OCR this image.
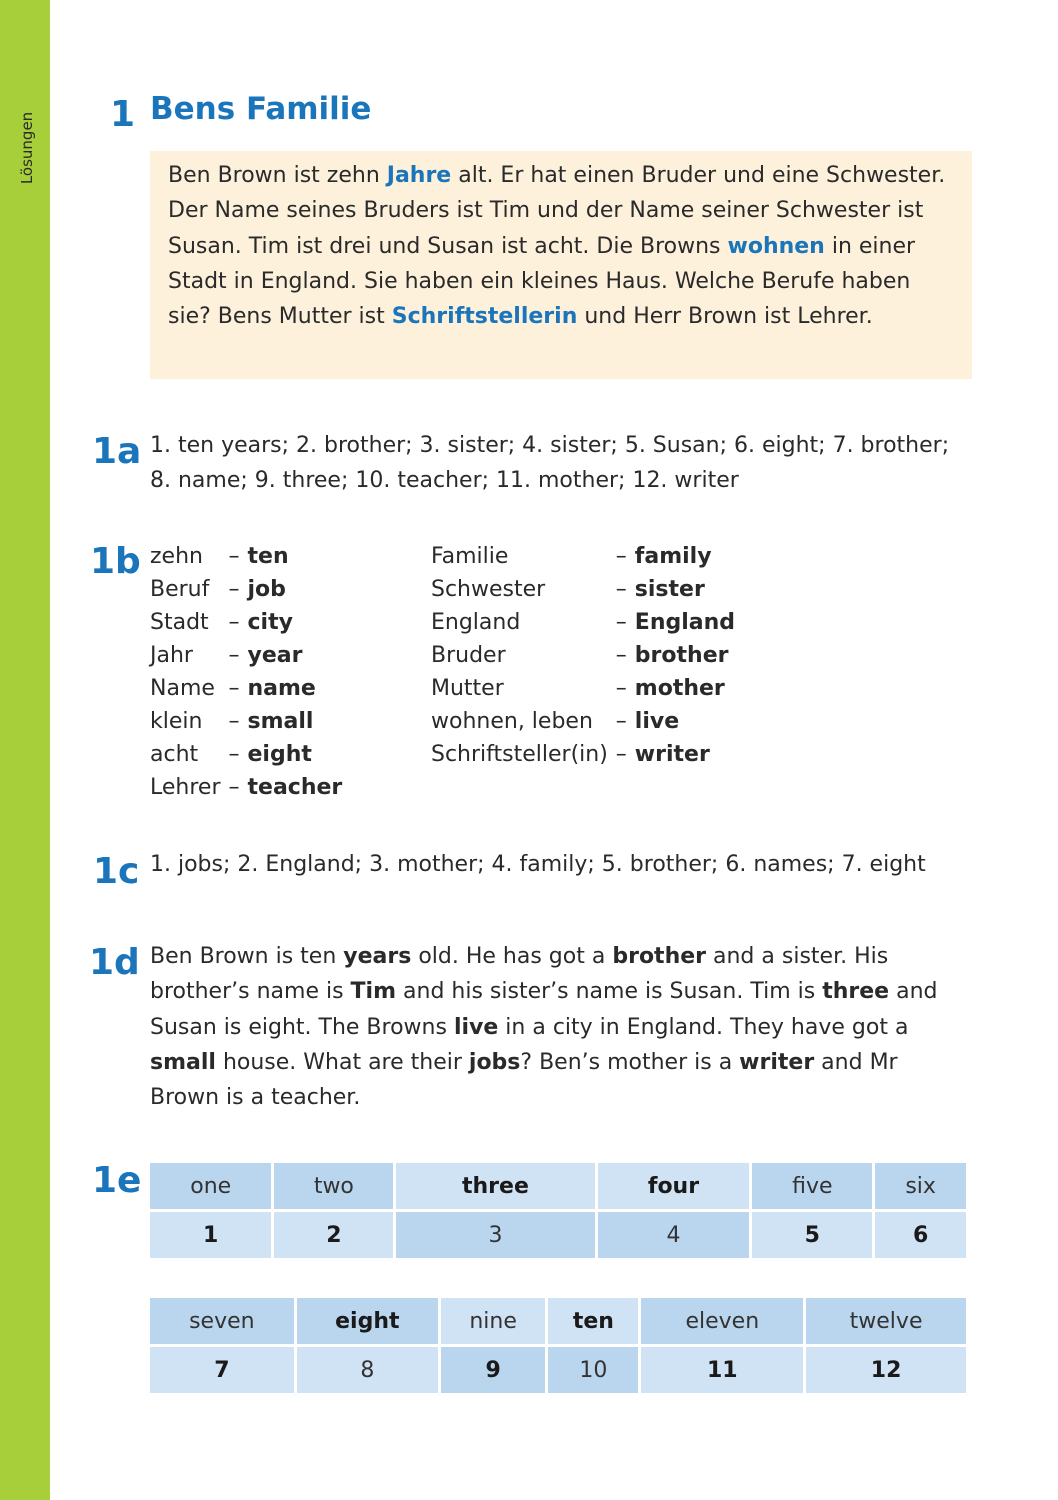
Lösungen 1 Bens Familie

Ben Brown ist zehn Jahre alt. Er hat einen Bruder und eine Schwester. Der Name seines Bruders ist Tim und der Name seiner Schwester ist Susan. Tim ist drei und Susan ist acht. Die Browns wohnen in einer Stadt in England. Sie haben ein kleines Haus. Welche Berufe haben sie? Bens Mutter ist Schriftstellerin und Herr Brown ist Lehrer.

1a 1. ten years; 2. brother; 3. sister; 4. sister; 5. Susan; 6. eight; 7. brother; 8. name; 9. three; 10. teacher; 11. mother; 12. writer

1b zehn	–	ten
Beruf	–	job
Stadt	–	city
Jahr	–	year
Name	–	name
klein	–	small
acht	–	eight
Lehrer	–	teacher
Familie	–	family
Schwester	–	sister
England	–	England
Bruder	–	brother
Mutter	–	mother
wohnen, leben	–	live
Schriftsteller(in)	–	writer
1c 1. jobs; 2. England; 3. mother; 4. family; 5. brother; 6. names; 7. eight

1d Ben Brown is ten years old. He has got a brother and a sister. His brother’s name is Tim and his sister’s name is Susan. Tim is three and Susan is eight. The Browns live in a city in England. They have got a small house. What are their jobs? Ben’s mother is a writer and Mr Brown is a teacher.

1e one	two	three	four	five	six
1	2	3	4	5	6
seven	eight	nine	ten	eleven	twelve
7	8	9	10	11	12
